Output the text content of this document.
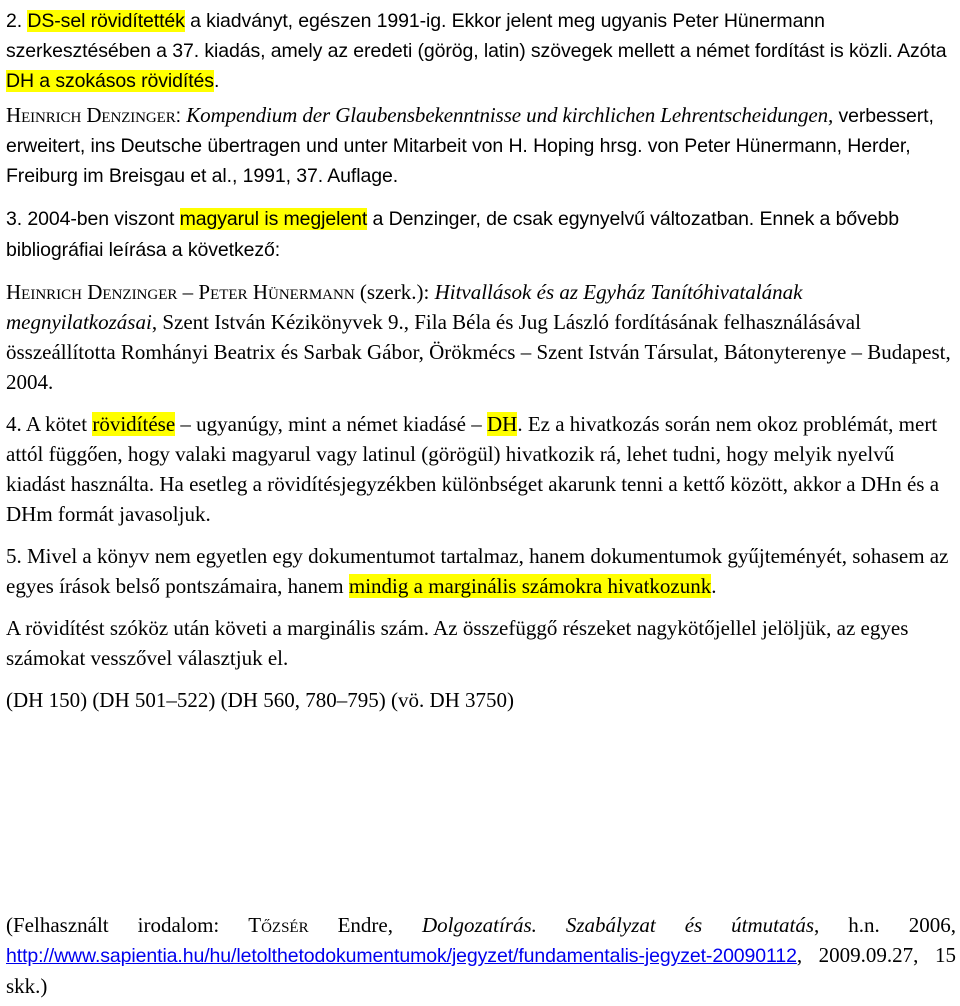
2. DS-sel rövidítették a kiadványt, egészen 1991-ig. Ekkor jelent meg ugyanis Peter Hünermann szerkesztésében a 37. kiadás, amely az eredeti (görög, latin) szövegek mellett a német fordítást is közli. Azóta DH a szokásos rövidítés.

Heinrich Denzinger: Kompendium der Glaubensbekenntnisse und kirchlichen Lehrentscheidungen, verbessert, erweitert, ins Deutsche übertragen und unter Mitarbeit von H. Hoping hrsg. von Peter Hünermann, Herder, Freiburg im Breisgau et al., 1991, 37. Auflage.

3. 2004-ben viszont magyarul is megjelent a Denzinger, de csak egynyelvű változatban. Ennek a bővebb bibliográfiai leírása a következő:

Heinrich Denzinger – Peter Hünermann (szerk.): Hitvallások és az Egyház Tanítóhivatalának megnyilatkozásai, Szent István Kézikönyvek 9., Fila Béla és Jug László fordításának felhasználásával összeállította Romhányi Beatrix és Sarbak Gábor, Örökmécs – Szent István Társulat, Bátonyterenye – Budapest, 2004.

4. A kötet rövidítése – ugyanúgy, mint a német kiadásé – DH. Ez a hivatkozás során nem okoz problémát, mert attól függően, hogy valaki magyarul vagy latinul (görögül) hivatkozik rá, lehet tudni, hogy melyik nyelvű kiadást használta. Ha esetleg a rövidítésjegyzékben különbséget akarunk tenni a kettő között, akkor a DHn és a DHm formát javasoljuk.

5. Mivel a könyv nem egyetlen egy dokumentumot tartalmaz, hanem dokumentumok gyűjteményét, sohasem az egyes írások belső pontszámaira, hanem mindig a marginális számokra hivatkozunk.

A rövidítést szóköz után követi a marginális szám. Az összefüggő részeket nagykötőjellel jelöljük, az egyes számokat vesszővel választjuk el.

(DH 150) (DH 501–522) (DH 560, 780–795) (vö. DH 3750)

(Felhasznált irodalom: Tőzsér Endre, Dolgozatírás. Szabályzat és útmutatás, h.n. 2006, http://www.sapientia.hu/hu/letolthetodokumentumok/jegyzet/fundamentalis-jegyzet-20090112, 2009.09.27, 15 skk.)
